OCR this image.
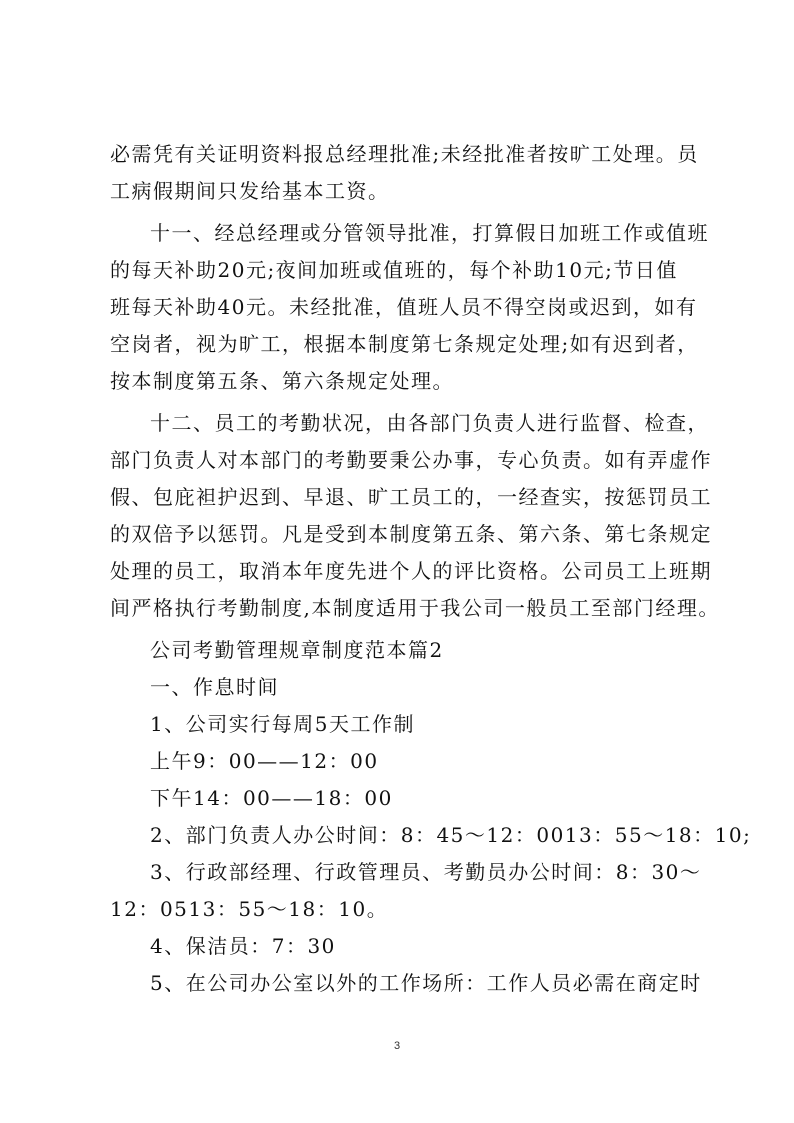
必需凭有关证明资料报总经理批准;未经批准者按旷工处理。员
工病假期间只发给基本工资。
十一、经总经理或分管领导批准，打算假日加班工作或值班
的每天补助20元;夜间加班或值班的，每个补助10元;节日值
班每天补助40元。未经批准，值班人员不得空岗或迟到，如有
空岗者，视为旷工，根据本制度第七条规定处理;如有迟到者，
按本制度第五条、第六条规定处理。
十二、员工的考勤状况，由各部门负责人进行监督、检查，
部门负责人对本部门的考勤要秉公办事，专心负责。如有弄虚作
假、包庇袒护迟到、早退、旷工员工的，一经查实，按惩罚员工
的双倍予以惩罚。凡是受到本制度第五条、第六条、第七条规定
处理的员工，取消本年度先进个人的评比资格。公司员工上班期
间严格执行考勤制度,本制度适用于我公司一般员工至部门经理。
公司考勤管理规章制度范本篇2
一、作息时间
1、公司实行每周5天工作制
上午9：00——12：00
下午14：00——18：00
2、部门负责人办公时间：8：45～12：0013：55～18：10;
3、行政部经理、行政管理员、考勤员办公时间：8：30～
12：0513：55～18：10。
4、保洁员：7：30
5、在公司办公室以外的工作场所：工作人员必需在商定时
3
